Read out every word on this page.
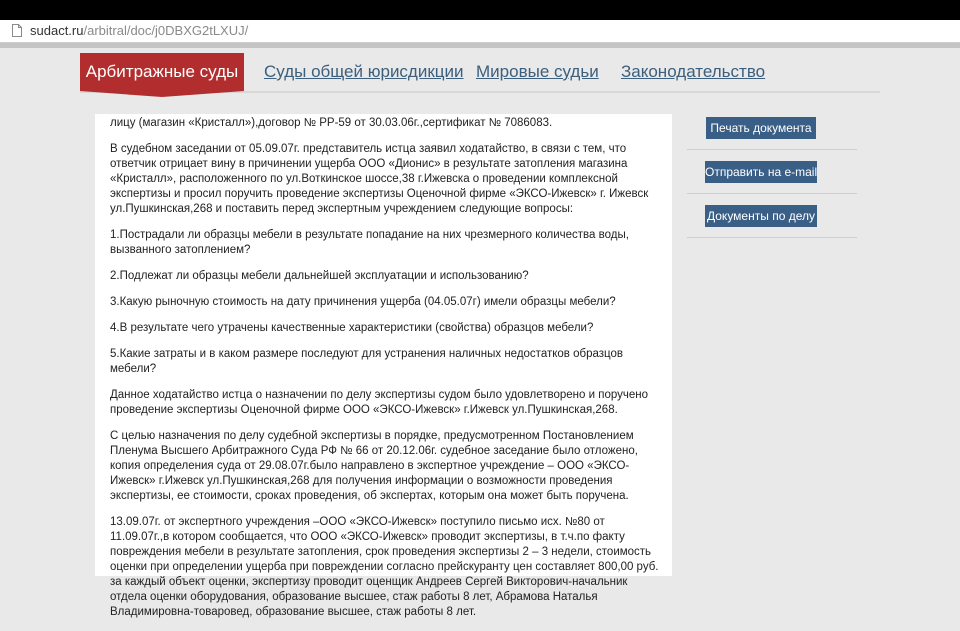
sudact.ru/arbitral/doc/j0DBXG2tLXUJ/
Арбитражные суды	Суды общей юрисдикции Мировые судьи Законодательство

лицу (магазин «Кристалл»),договор № РР-59 от 30.03.06г.,сертификат № 7086083.

В судебном заседании от 05.09.07г. представитель истца заявил ходатайство, в связи с тем, что ответчик отрицает вину в причинении ущерба ООО «Дионис» в результате затопления магазина «Кристалл», расположенного по ул.Воткинское шоссе,38 г.Ижевска о проведении комплексной экспертизы и просил поручить проведение экспертизы Оценочной фирме «ЭКСО-Ижевск» г. Ижевск ул.Пушкинская,268 и поставить перед экспертным учреждением следующие вопросы:

1.Пострадали ли образцы мебели в результате попадание на них чрезмерного количества воды, вызванного затоплением?

2.Подлежат ли образцы мебели дальнейшей эксплуатации и использованию?

3.Какую рыночную стоимость на дату причинения ущерба (04.05.07г) имели образцы мебели?

4.В результате чего утрачены качественные характеристики (свойства) образцов мебели?

5.Какие затраты и в каком размере последуют для устранения наличных недостатков образцов мебели?

Данное ходатайство истца о назначении по делу экспертизы судом было удовлетворено и поручено проведение экспертизы Оценочной фирме ООО «ЭКСО-Ижевск» г.Ижевск ул.Пушкинская,268.

С целью назначения по делу судебной экспертизы в порядке, предусмотренном Постановлением Пленума Высшего Арбитражного Суда РФ № 66 от 20.12.06г. судебное заседание было отложено, копия определения суда от 29.08.07г.было направлено в экспертное учреждение – ООО «ЭКСО-Ижевск» г.Ижевск ул.Пушкинская,268 для получения информации о возможности проведения экспертизы, ее стоимости, сроках проведения, об экспертах, которым она может быть поручена.

13.09.07г. от экспертного учреждения –ООО «ЭКСО-Ижевск» поступило письмо исх. №80 от 11.09.07г.,в котором сообщается, что ООО «ЭКСО-Ижевск» проводит экспертизы, в т.ч.по факту повреждения мебели в результате затопления, срок проведения экспертизы 2 – 3 недели, стоимость оценки при определении ущерба при повреждении согласно прейскуранту цен составляет 800,00 руб. за каждый объект оценки, экспертизу проводит оценщик Андреев Сергей Викторович-начальник отдела оценки оборудования, образование высшее, стаж работы 8 лет, Абрамова Наталья Владимировна-товаровед, образование высшее, стаж работы 8 лет.

Печать документа
Отправить на e-mail
Документы по делу
